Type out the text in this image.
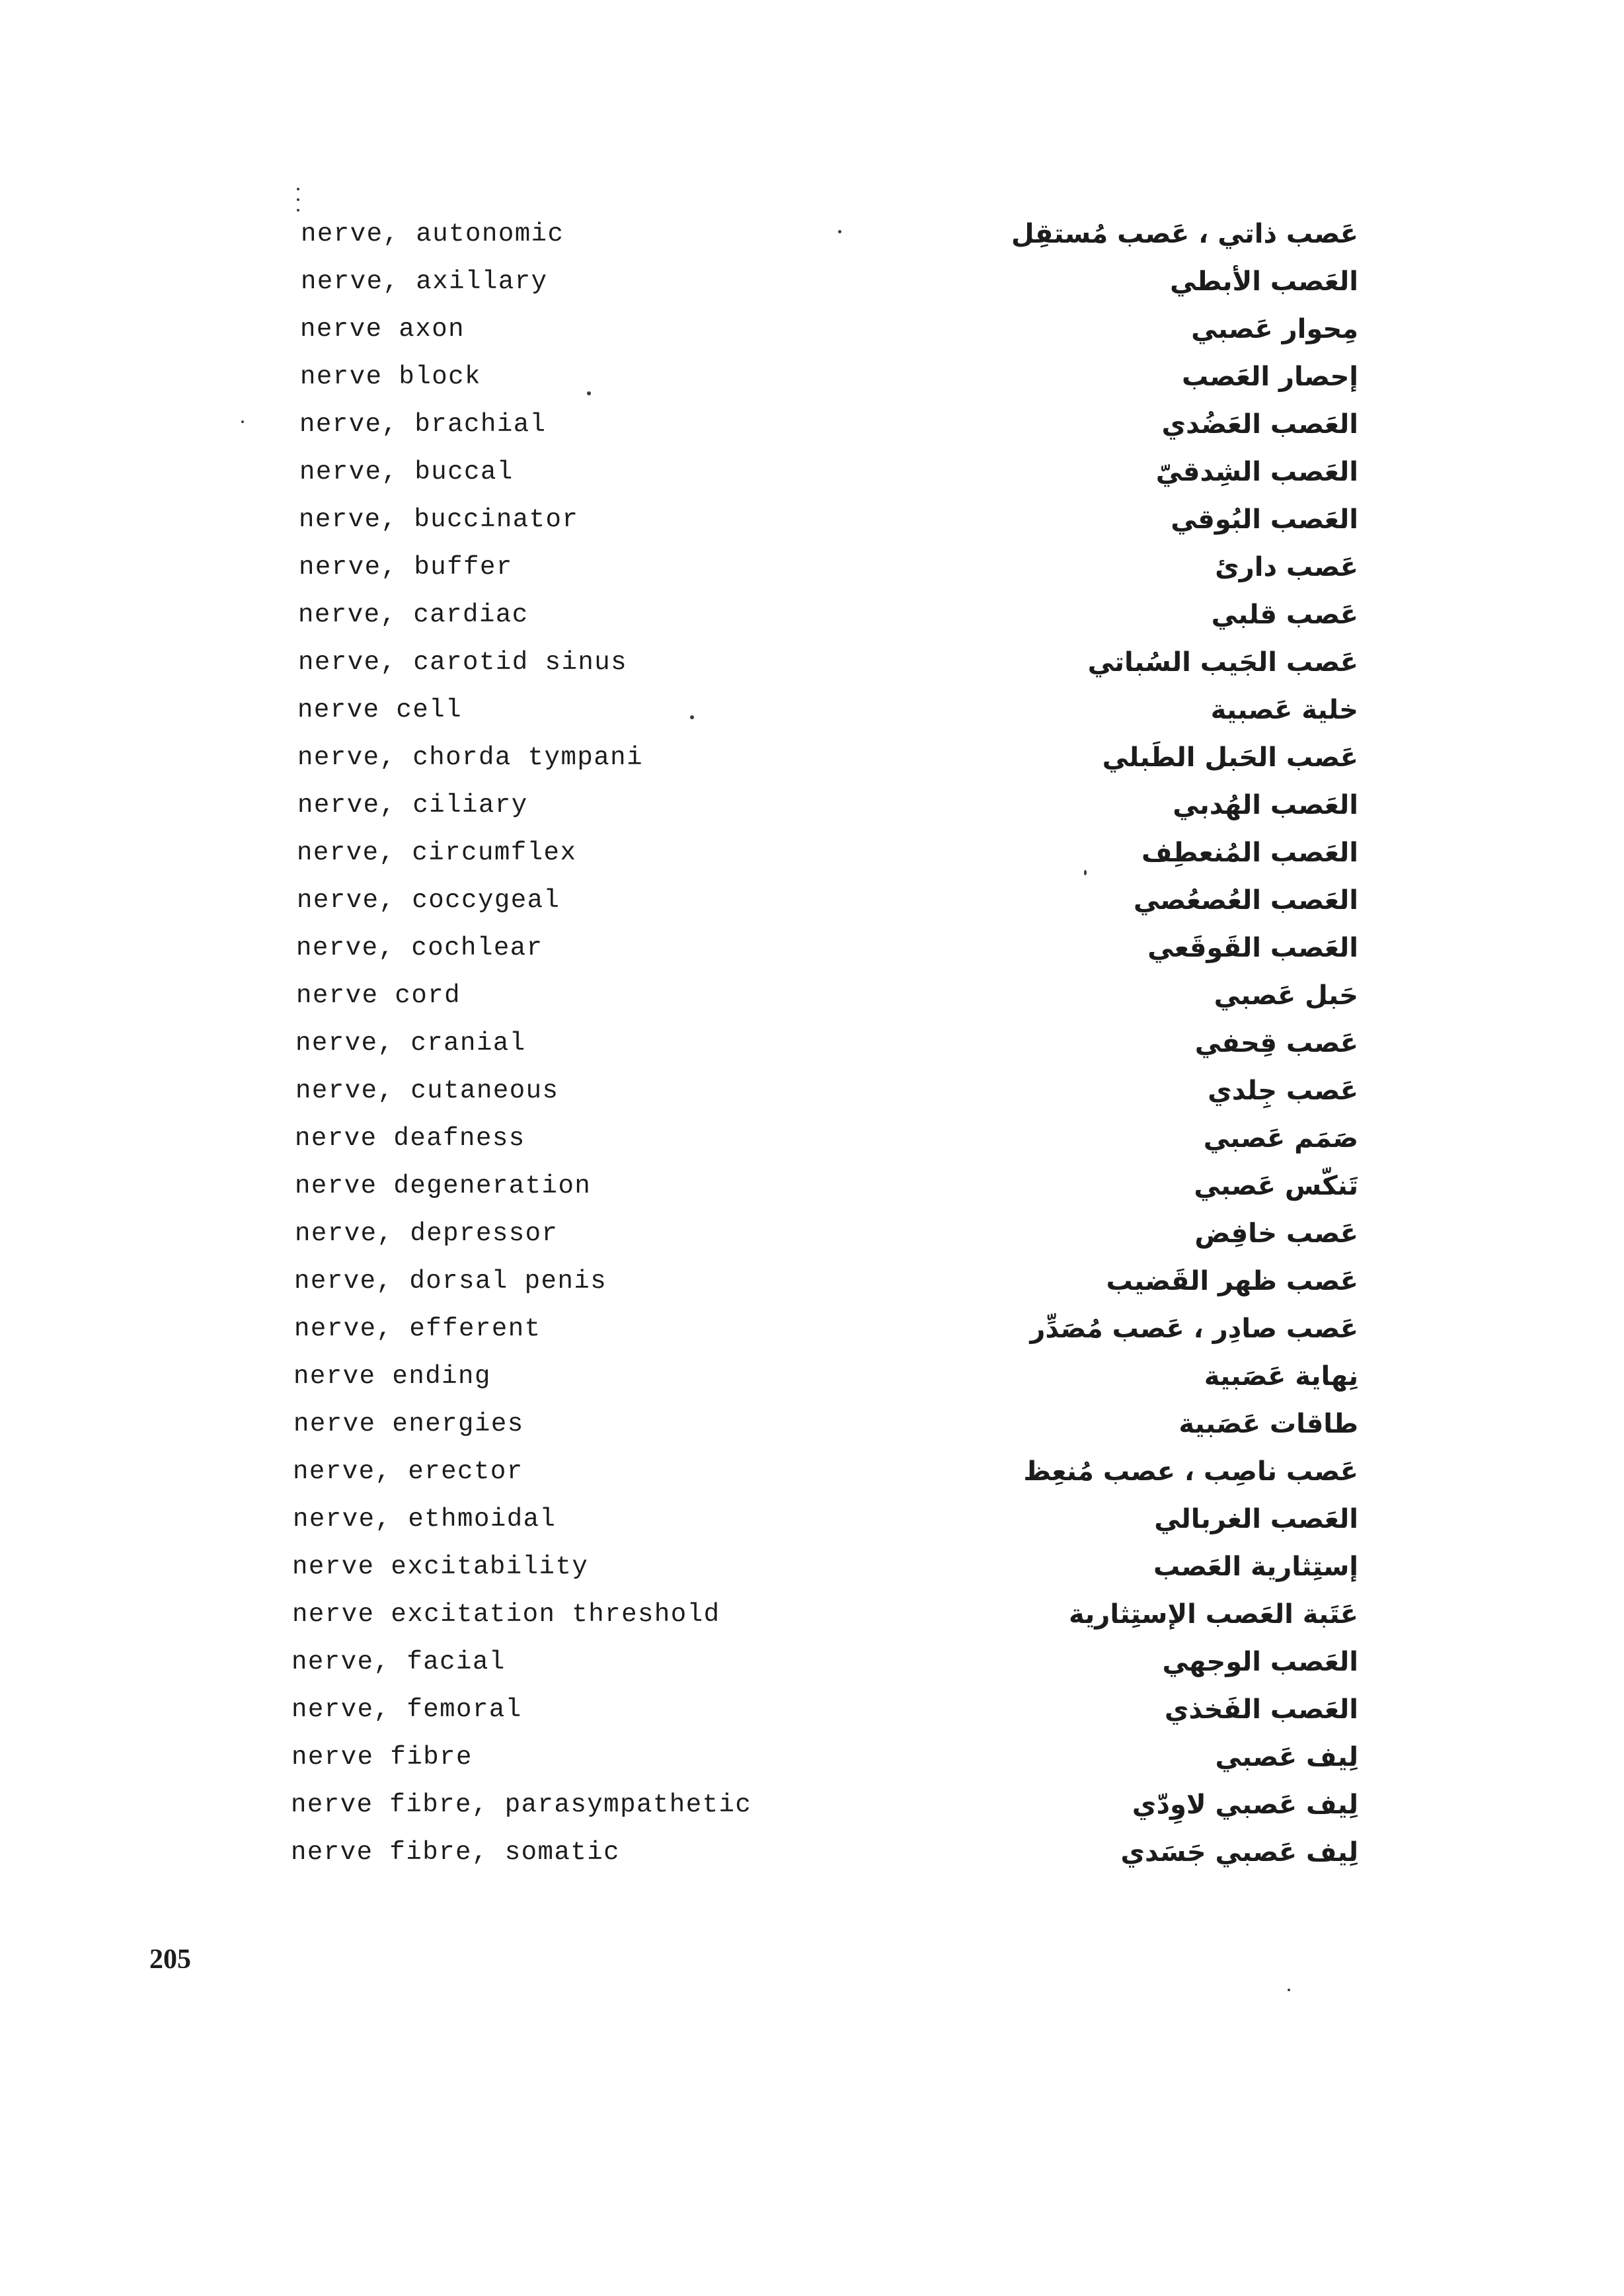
nerve, autonomic	عَصب ذاتي ، عَصب مُستقِل
nerve, axillary	العَصب الأبطي
nerve axon	مِحوار عَصبي
nerve block	إحصار العَصب
nerve, brachial	العَصب العَضُدي
nerve, buccal	العَصب الشِدقيّ
nerve, buccinator	العَصب البُوقي
nerve, buffer	عَصب دارئ
nerve, cardiac	عَصب قلبي
nerve, carotid sinus	عَصب الجَيب السُباتي
nerve cell	خلية عَصبية
nerve, chorda tympani	عَصب الحَبل الطَبلي
nerve, ciliary	العَصب الهُدبي
nerve, circumflex	العَصب المُنعطِف
nerve, coccygeal	العَصب العُصعُصي
nerve, cochlear	العَصب القَوقَعي
nerve cord	حَبل عَصبي
nerve, cranial	عَصب قِحفي
nerve, cutaneous	عَصب جِلدي
nerve deafness	صَمَم عَصبي
nerve degeneration	تَنكّس عَصبي
nerve, depressor	عَصب خافِض
nerve, dorsal penis	عَصب ظهر القَضيب
nerve, efferent	عَصب صادِر ، عَصب مُصَدِّر
nerve ending	نِهاية عَصَبية
nerve energies	طاقات عَصَبية
nerve, erector	عَصب ناصِب ، عصب مُنعِظ
nerve, ethmoidal	العَصب الغربالي
nerve excitability	إستِثارية العَصب
nerve excitation threshold	عَتَبة العَصب الإستِثارية
nerve, facial	العَصب الوجهي
nerve, femoral	العَصب الفَخذي
nerve fibre	لِيف عَصبي
nerve fibre, parasympathetic	لِيف عَصبي لاوِدّي
nerve fibre, somatic	لِيف عَصبي جَسَدي
205
